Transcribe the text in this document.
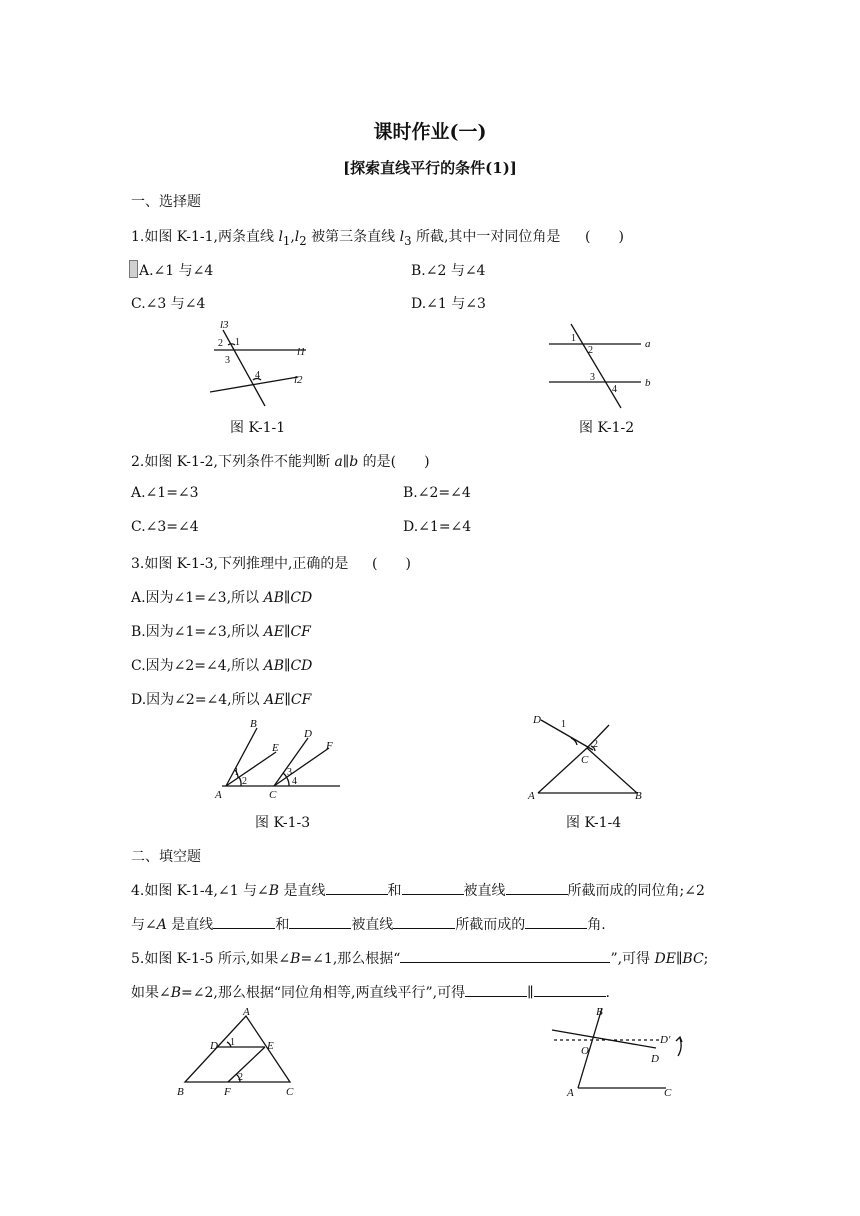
课时作业(一)
[探索直线平行的条件(1)]
一、选择题
1.如图 K-1-1,两条直线 $l_1,l_2$ 被第三条直线 $l_3$ 所截,其中一对同位角是 (　　)
A.∠1 与∠4	B.∠2 与∠4
C.∠3 与∠4	D.∠1 与∠3
l3
l1
l2
2 1
3
4
图 K-1-1
a
b
1
2
3
4
图 K-1-2
2.如图 K-1-2,下列条件不能判断 a∥b 的是(　　)
A.∠1=∠3	B.∠2=∠4
C.∠3=∠4	D.∠1=∠4
3.如图 K-1-3,下列推理中,正确的是 (　　)
A.因为∠1=∠3,所以 AB∥CD
B.因为∠1=∠3,所以 AE∥CF
C.因为∠2=∠4,所以 AB∥CD
D.因为∠2=∠4,所以 AE∥CF
B
E
D
F
A	C
1
2
3
4
图 K-1-3
D 1
2
C
A	B
图 K-1-4
二、填空题
4.如图 K-1-4,∠1 与∠B 是直线	和	被直线	所截而成的同位角;∠2
与∠A 是直线	和	被直线	所截而成的	角.
5.如图 K-1-5 所示,如果∠B=∠1,那么根据“	”,可得 DE∥BC;
如果∠B=∠2,那么根据“同位角相等,两直线平行”,可得	∥	.
A
D 1	E
2
B	F	C
B
D′
O
D
A	C
